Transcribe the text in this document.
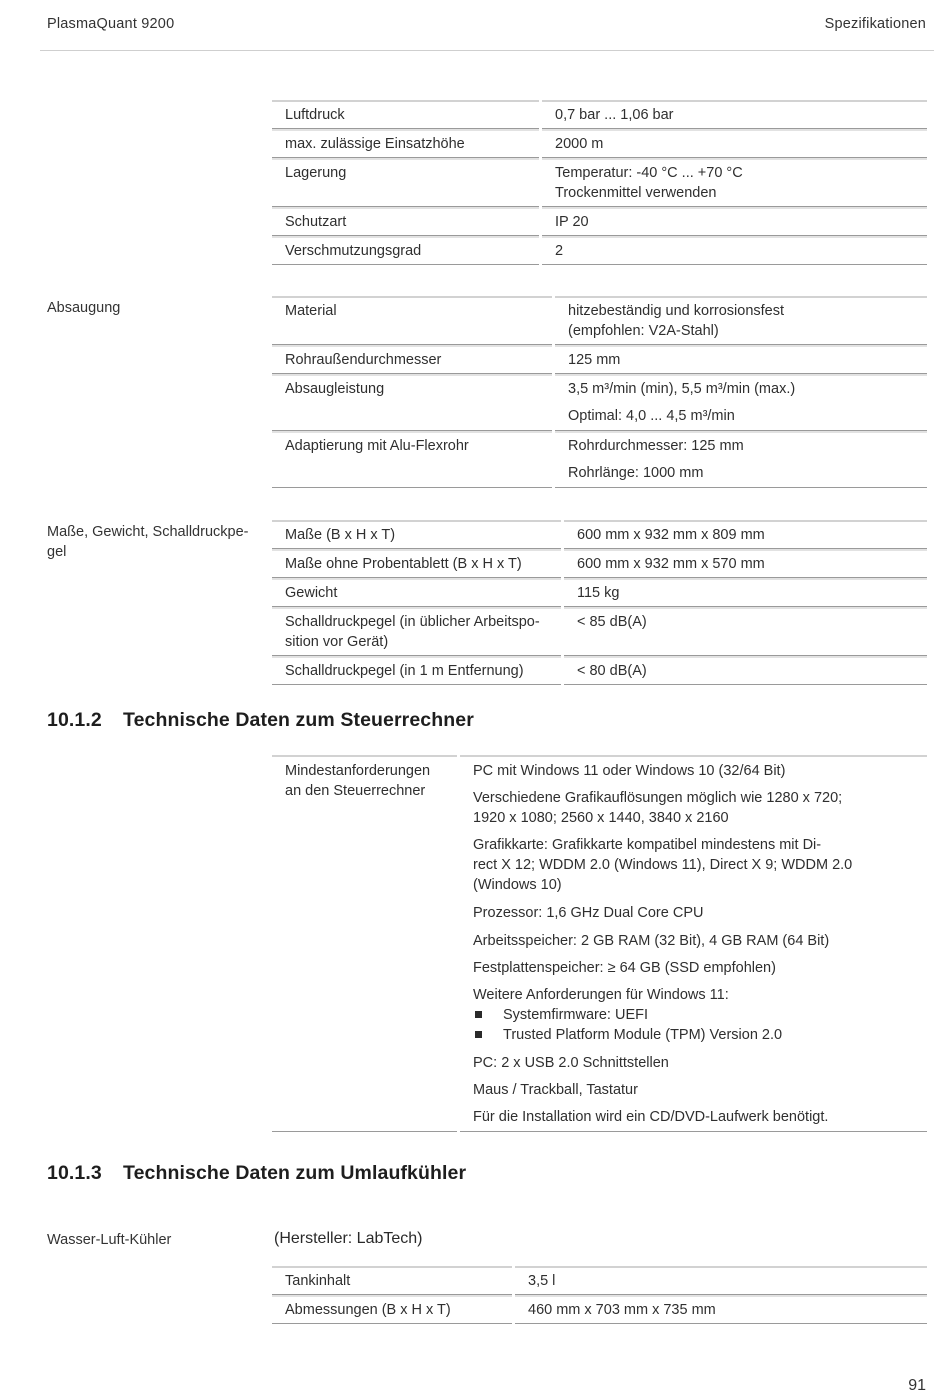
PlasmaQuant 9200	Spezifikationen
Luftdruck	0,7 bar ... 1,06 bar
max. zulässige Einsatzhöhe	2000 m
Lagerung	Temperatur: -40 °C ... +70 °C
Trockenmittel verwenden
Schutzart	IP 20
Verschmutzungsgrad	2
Absaugung	Material	hitzebeständig und korrosionsfest
(empfohlen: V2A-Stahl)
Rohraußendurchmesser	125 mm
Absaugleistung	3,5 m³/min (min), 5,5 m³/min (max.)
Optimal: 4,0 ... 4,5 m³/min
Adaptierung mit Alu-Flexrohr	Rohrdurchmesser: 125 mm
Rohrlänge: 1000 mm
Maße, Gewicht, Schalldruckpe-
gel
Maße (B x H x T)	600 mm x 932 mm x 809 mm
Maße ohne Probentablett (B x H x T)	600 mm x 932 mm x 570 mm
Gewicht	115 kg
Schalldruckpegel (in üblicher Arbeitspo-
sition vor Gerät)
< 85 dB(A)
Schalldruckpegel (in 1 m Entfernung)	< 80 dB(A)
10.1.2 Technische Daten zum Steuerrechner
Mindestanforderungen
an den Steuerrechner
PC mit Windows 11 oder Windows 10 (32/64 Bit)
Verschiedene Grafikauflösungen möglich wie 1280 x 720;
1920 x 1080; 2560 x 1440, 3840 x 2160
Grafikkarte: Grafikkarte kompatibel mindestens mit Di-
rect X 12; WDDM 2.0 (Windows 11), Direct X 9; WDDM 2.0
(Windows 10)
Prozessor: 1,6 GHz Dual Core CPU
Arbeitsspeicher: 2 GB RAM (32 Bit), 4 GB RAM (64 Bit)
Festplattenspeicher: ≥ 64 GB (SSD empfohlen)
Weitere Anforderungen für Windows 11:
Systemfirmware: UEFI
Trusted Platform Module (TPM) Version 2.0
PC: 2 x USB 2.0 Schnittstellen
Maus / Trackball, Tastatur
Für die Installation wird ein CD/DVD-Laufwerk benötigt.
10.1.3 Technische Daten zum Umlaufkühler
Wasser-Luft-Kühler	(Hersteller: LabTech)
Tankinhalt	3,5 l
Abmessungen (B x H x T)	460 mm x 703 mm x 735 mm
91
